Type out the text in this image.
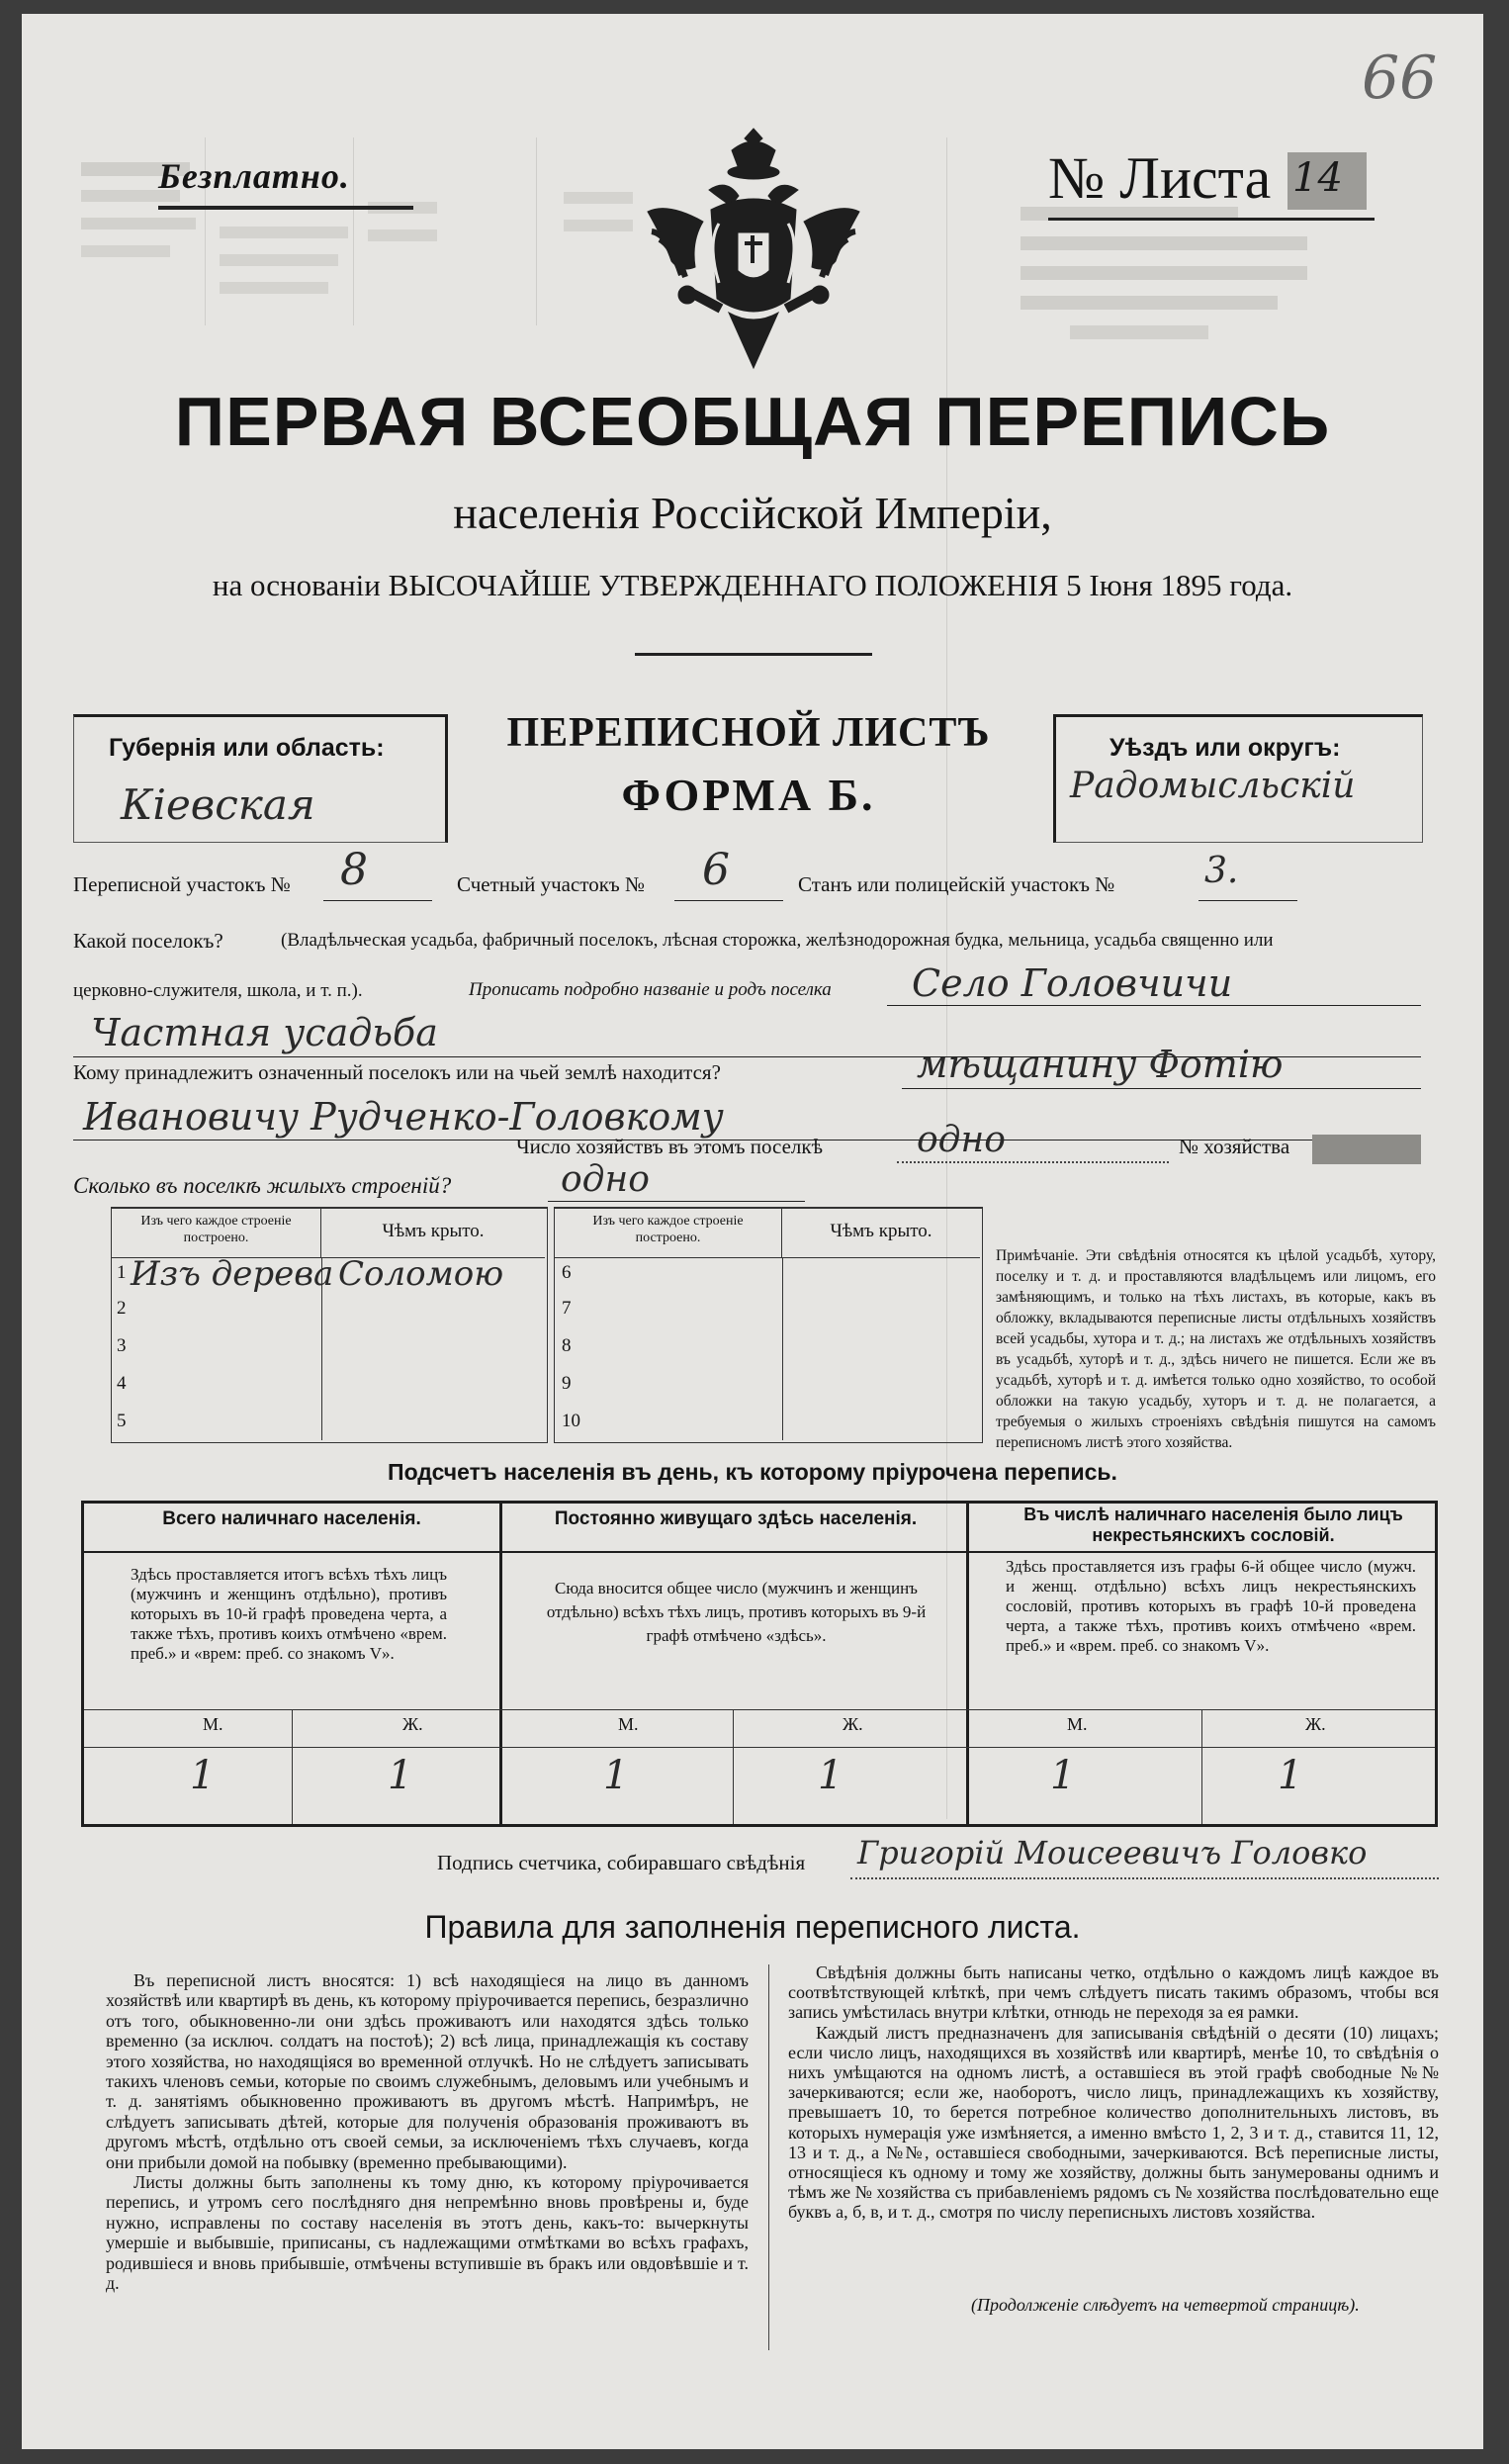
66
Безплатно.	№ Листа 14
ПЕРВАЯ ВСЕОБЩАЯ ПЕРЕПИСЬ
населенія Россійской Имперіи,
на основаніи ВЫСОЧАЙШЕ УТВЕРЖДЕННАГО ПОЛОЖЕНІЯ 5 Іюня 1895 года.
Губернія или область:
Кiевская
ПЕРЕПИСНОЙ ЛИСТЪ
ФОРМА Б.
Уѣздъ или округъ:
Радомысльскiй
Переписной участокъ № 8	Счетный участокъ № 6	Станъ или полицейскій участокъ №	3.
Какой поселокъ?	(Владѣльческая усадьба, фабричный поселокъ, лѣсная сторожка, желѣзнодорожная будка, мельница, усадьба священно или
церковно-служителя, школа, и т. п.).	Прописать подробно названіе и родъ поселка Село Головчичи
Частная усадьба
Кому принадлежитъ означенный поселокъ или на чьей землѣ находится?	мѣщанину Фотiю
Ивановичу Рудченко-Головкому
Число хозяйствъ въ этомъ поселкѣ	одно	№ хозяйства
Сколько въ поселкѣ жилыхъ строеній?	одно
Изъ чего каждое строеніе построено.	Чѣмъ крыто.
1 Изъ дерева Соломою
2
3
4
5
Изъ чего каждое строеніе построено.	Чѣмъ крыто.
6
7
8
9
10
Примѣчаніе. Эти свѣдѣнія относятся къ цѣлой усадьбѣ, хутору, поселку и т. д. и проставляются владѣльцемъ или лицомъ, его замѣняющимъ, и только на тѣхъ листахъ, въ которые, какъ въ обложку, вкладываются переписные листы отдѣльныхъ хозяйствъ всей усадьбы, хутора и т. д.; на листахъ же отдѣльныхъ хозяйствъ въ усадьбѣ, хуторѣ и т. д., здѣсь ничего не пишется. Если же въ усадьбѣ, хуторѣ и т. д. имѣется только одно хозяйство, то особой обложки на такую усадьбу, хуторъ и т. д. не полагается, а требуемыя о жилыхъ строеніяхъ свѣдѣнія пишутся на самомъ переписномъ листѣ этого хозяйства.
Подсчетъ населенія въ день, къ которому пріурочена перепись.
Всего наличнаго населенія.
Здѣсь проставляется итогъ всѣхъ тѣхъ лицъ (мужчинъ и женщинъ отдѣльно), противъ которыхъ въ 10-й графѣ проведена черта, а также тѣхъ, противъ коихъ отмѣчено «врем. преб.» и «врем: преб. со знакомъ V».
М.	Ж.
1	1
Постоянно живущаго здѣсь населенія.
Сюда вносится общее число (мужчинъ и женщинъ отдѣльно) всѣхъ тѣхъ лицъ, противъ которыхъ въ 9-й графѣ отмѣчено «здѣсь».
М.	Ж.
1	1
Въ числѣ наличнаго населенія было лицъ некрестьянскихъ сословій.
Здѣсь проставляется изъ графы 6-й общее число (мужч. и женщ. отдѣльно) всѣхъ лицъ некрестьянскихъ сословій, противъ которыхъ въ графѣ 10-й проведена черта, а также тѣхъ, противъ коихъ отмѣчено «врем. преб.» и «врем. преб. со знакомъ V».
М.	Ж.
1	1
Подпись счетчика, собиравшаго свѣдѣнія Григорiй Моисеевичъ Головко
Правила для заполненія переписного листа.

Въ переписной листъ вносятся: 1) всѣ находящіеся на лицо въ данномъ хозяйствѣ или квартирѣ въ день, къ которому пріурочивается перепись, безразлично отъ того, обыкновенно-ли они здѣсь проживаютъ или находятся здѣсь только временно (за исключ. солдатъ на постоѣ); 2) всѣ лица, принадлежащія къ составу этого хозяйства, но находящіяся во временной отлучкѣ. Но не слѣдуетъ записывать такихъ членовъ семьи, которые по своимъ служебнымъ, деловымъ или учебнымъ и т. д. занятіямъ обыкновенно проживаютъ въ другомъ мѣстѣ. Напримѣръ, не слѣдуетъ записывать дѣтей, которые для полученія образованія проживаютъ въ другомъ мѣстѣ, отдѣльно отъ своей семьи, за исключеніемъ тѣхъ случаевъ, когда они прибыли домой на побывку (временно пребывающими).

Листы должны быть заполнены къ тому дню, къ которому пріурочивается перепись, и утромъ сего послѣдняго дня непремѣнно вновь провѣрены и, буде нужно, исправлены по составу населенія въ этотъ день, какъ-то: вычеркнуты умершіе и выбывшіе, приписаны, съ надлежащими отмѣтками во всѣхъ графахъ, родившіеся и вновь прибывшіе, отмѣчены вступившіе въ бракъ или овдовѣвшіе и т. д.

Свѣдѣнія должны быть написаны четко, отдѣльно о каждомъ лицѣ каждое въ соотвѣтствующей клѣткѣ, при чемъ слѣдуетъ писать такимъ образомъ, чтобы вся запись умѣстилась внутри клѣтки, отнюдь не переходя за ея рамки.

Каждый листъ предназначенъ для записыванія свѣдѣній о десяти (10) лицахъ; если число лицъ, находящихся въ хозяйствѣ или квартирѣ, менѣе 10, то свѣдѣнія о нихъ умѣщаются на одномъ листѣ, а оставшіеся въ этой графѣ свободные №№ зачеркиваются; если же, наоборотъ, число лицъ, принадлежащихъ къ хозяйству, превышаетъ 10, то берется потребное количество дополнительныхъ листовъ, въ которыхъ нумерація уже измѣняется, а именно вмѣсто 1, 2, 3 и т. д., ставится 11, 12, 13 и т. д., а №№, оставшіеся свободными, зачеркиваются. Всѣ переписные листы, относящіеся къ одному и тому же хозяйству, должны быть занумерованы однимъ и тѣмъ же № хозяйства съ прибавленіемъ рядомъ съ № хозяйства послѣдовательно еще буквъ а, б, в, и т. д., смотря по числу переписныхъ листовъ хозяйства.

(Продолженіе слѣдуетъ на четвертой страницѣ).
